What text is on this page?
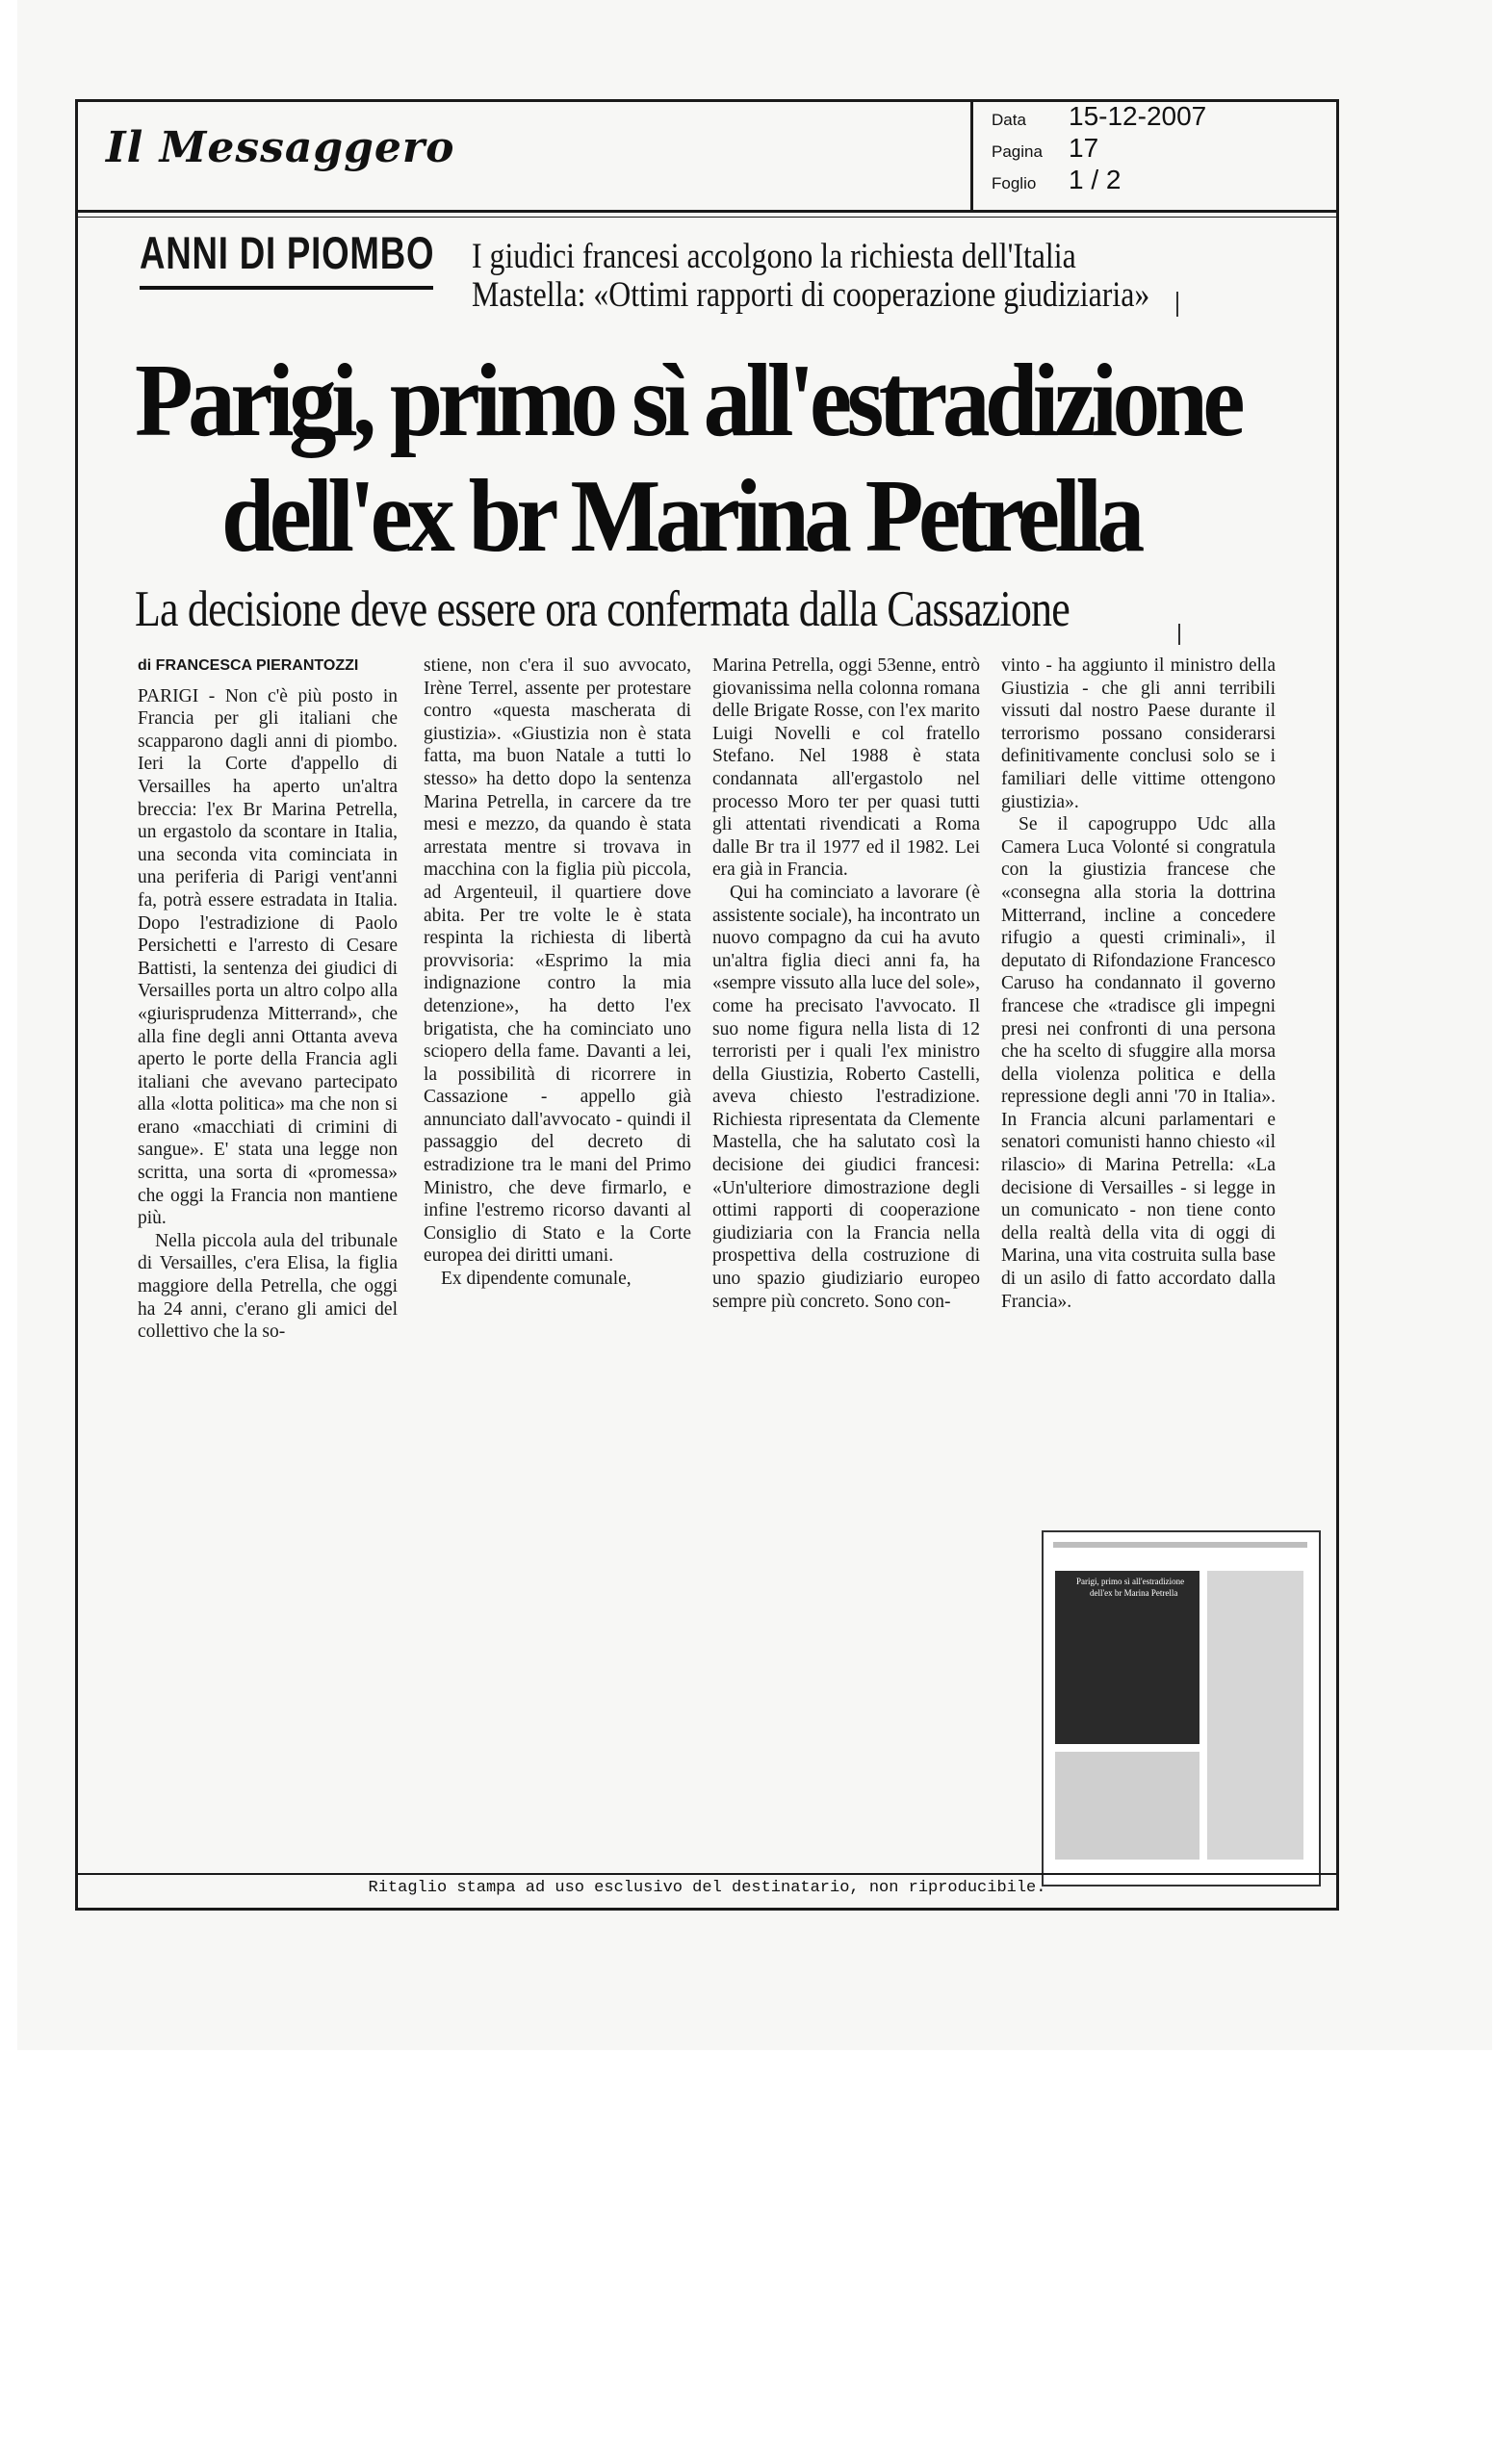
Il Messaggero
Data 15-12-2007
Pagina 17
Foglio 1 / 2
ANNI DI PIOMBO I giudici francesi accolgono la richiesta dell'Italia
Mastella: «Ottimi rapporti di cooperazione giudiziaria»
Parigi, primo sì all'estradizione
dell'ex br Marina Petrella
La decisione deve essere ora confermata dalla Cassazione
di FRANCESCA PIERANTOZZI

PARIGI - Non c'è più posto in Francia per gli italiani che scapparono dagli anni di piombo. Ieri la Corte d'appello di Versailles ha aperto un'altra breccia: l'ex Br Marina Petrella, un ergastolo da scontare in Italia, una seconda vita cominciata in una periferia di Parigi vent'anni fa, potrà essere estradata in Italia. Dopo l'estradizione di Paolo Persichetti e l'arresto di Cesare Battisti, la sentenza dei giudici di Versailles porta un altro colpo alla «giurisprudenza Mitterrand», che alla fine degli anni Ottanta aveva aperto le porte della Francia agli italiani che avevano partecipato alla «lotta politica» ma che non si erano «macchiati di crimini di sangue». E' stata una legge non scritta, una sorta di «promessa» che oggi la Francia non mantiene più.

Nella piccola aula del tribunale di Versailles, c'era Elisa, la figlia maggiore della Petrella, che oggi ha 24 anni, c'erano gli amici del collettivo che la so-

stiene, non c'era il suo avvocato, Irène Terrel, assente per protestare contro «questa mascherata di giustizia». «Giustizia non è stata fatta, ma buon Natale a tutti lo stesso» ha detto dopo la sentenza Marina Petrella, in carcere da tre mesi e mezzo, da quando è stata arrestata mentre si trovava in macchina con la figlia più piccola, ad Argenteuil, il quartiere dove abita. Per tre volte le è stata respinta la richiesta di libertà provvisoria: «Esprimo la mia indignazione contro la mia detenzione», ha detto l'ex brigatista, che ha cominciato uno sciopero della fame. Davanti a lei, la possibilità di ricorrere in Cassazione - appello già annunciato dall'avvocato - quindi il passaggio del decreto di estradizione tra le mani del Primo Ministro, che deve firmarlo, e infine l'estremo ricorso davanti al Consiglio di Stato e la Corte europea dei diritti umani.

Ex dipendente comunale,

Marina Petrella, oggi 53enne, entrò giovanissima nella colonna romana delle Brigate Rosse, con l'ex marito Luigi Novelli e col fratello Stefano. Nel 1988 è stata condannata all'ergastolo nel processo Moro ter per quasi tutti gli attentati rivendicati a Roma dalle Br tra il 1977 ed il 1982. Lei era già in Francia.

Qui ha cominciato a lavorare (è assistente sociale), ha incontrato un nuovo compagno da cui ha avuto un'altra figlia dieci anni fa, ha «sempre vissuto alla luce del sole», come ha precisato l'avvocato. Il suo nome figura nella lista di 12 terroristi per i quali l'ex ministro della Giustizia, Roberto Castelli, aveva chiesto l'estradizione. Richiesta ripresentata da Clemente Mastella, che ha salutato così la decisione dei giudici francesi: «Un'ulteriore dimostrazione degli ottimi rapporti di cooperazione giudiziaria con la Francia nella prospettiva della costruzione di uno spazio giudiziario europeo sempre più concreto. Sono con-

vinto - ha aggiunto il ministro della Giustizia - che gli anni terribili vissuti dal nostro Paese durante il terrorismo possano considerarsi definitivamente conclusi solo se i familiari delle vittime ottengono giustizia».

Se il capogruppo Udc alla Camera Luca Volonté si congratula con la giustizia francese che «consegna alla storia la dottrina Mitterrand, incline a concedere rifugio a questi criminali», il deputato di Rifondazione Francesco Caruso ha condannato il governo francese che «tradisce gli impegni presi nei confronti di una persona che ha scelto di sfuggire alla morsa della violenza politica e della repressione degli anni '70 in Italia». In Francia alcuni parlamentari e senatori comunisti hanno chiesto «il rilascio» di Marina Petrella: «La decisione di Versailles - si legge in un comunicato - non tiene conto della realtà della vita di oggi di Marina, una vita costruita sulla base di un asilo di fatto accordato dalla Francia».

Parigi, primo sì all'estradizione
dell'ex br Marina Petrella
Ritaglio stampa ad uso esclusivo del destinatario, non riproducibile.
